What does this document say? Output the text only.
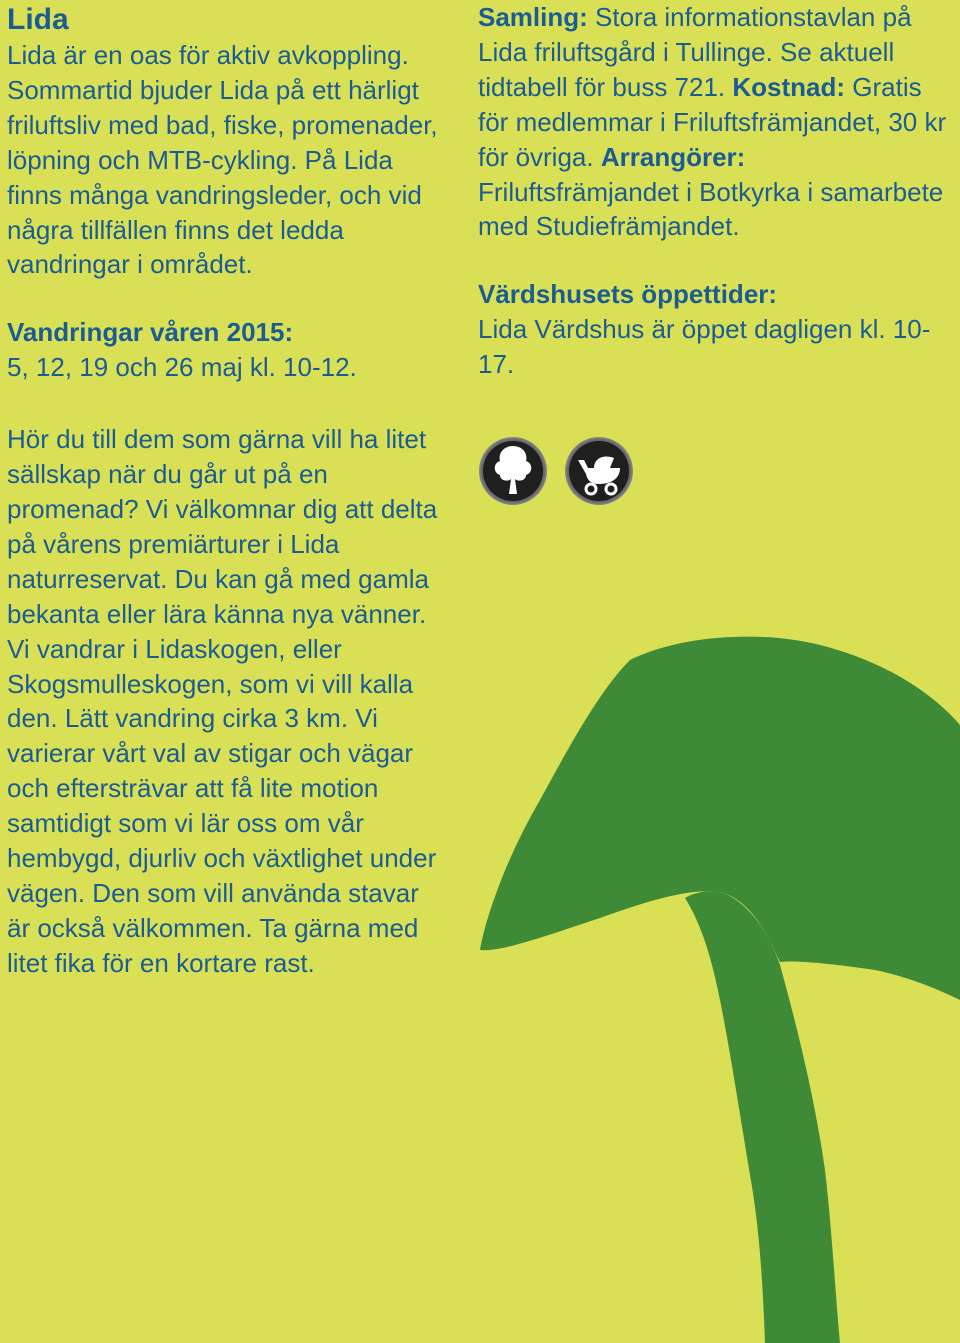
Lida

Lida är en oas för aktiv avkoppling. Sommartid bjuder Lida på ett härligt friluftsliv med bad, fiske, promenader, löpning och MTB-cykling. På Lida finns många vandringsleder, och vid några tillfällen finns det ledda vandringar i området.

Vandringar våren 2015:

5, 12, 19 och 26 maj kl. 10-12.

Hör du till dem som gärna vill ha litet sällskap när du går ut på en promenad? Vi välkomnar dig att delta på vårens premiärturer i Lida naturreservat. Du kan gå med gamla bekanta eller lära känna nya vänner. Vi vandrar i Lidaskogen, eller Skogsmulleskogen, som vi vill kalla den. Lätt vandring cirka 3 km. Vi varierar vårt val av stigar och vägar och eftersträvar att få lite motion samtidigt som vi lär oss om vår hembygd, djurliv och växtlighet under vägen. Den som vill använda stavar är också välkommen. Ta gärna med litet fika för en kortare rast.

Samling: Stora informationstavlan på Lida friluftsgård i Tullinge. Se aktuell tidtabell för buss 721. Kostnad: Gratis för medlemmar i Friluftsfrämjandet, 30 kr för övriga. Arrangörer: Friluftsfrämjandet i Botkyrka i samarbete med Studiefrämjandet.

Värdshusets öppettider:

Lida Värdshus är öppet dagligen kl. 10-17.
